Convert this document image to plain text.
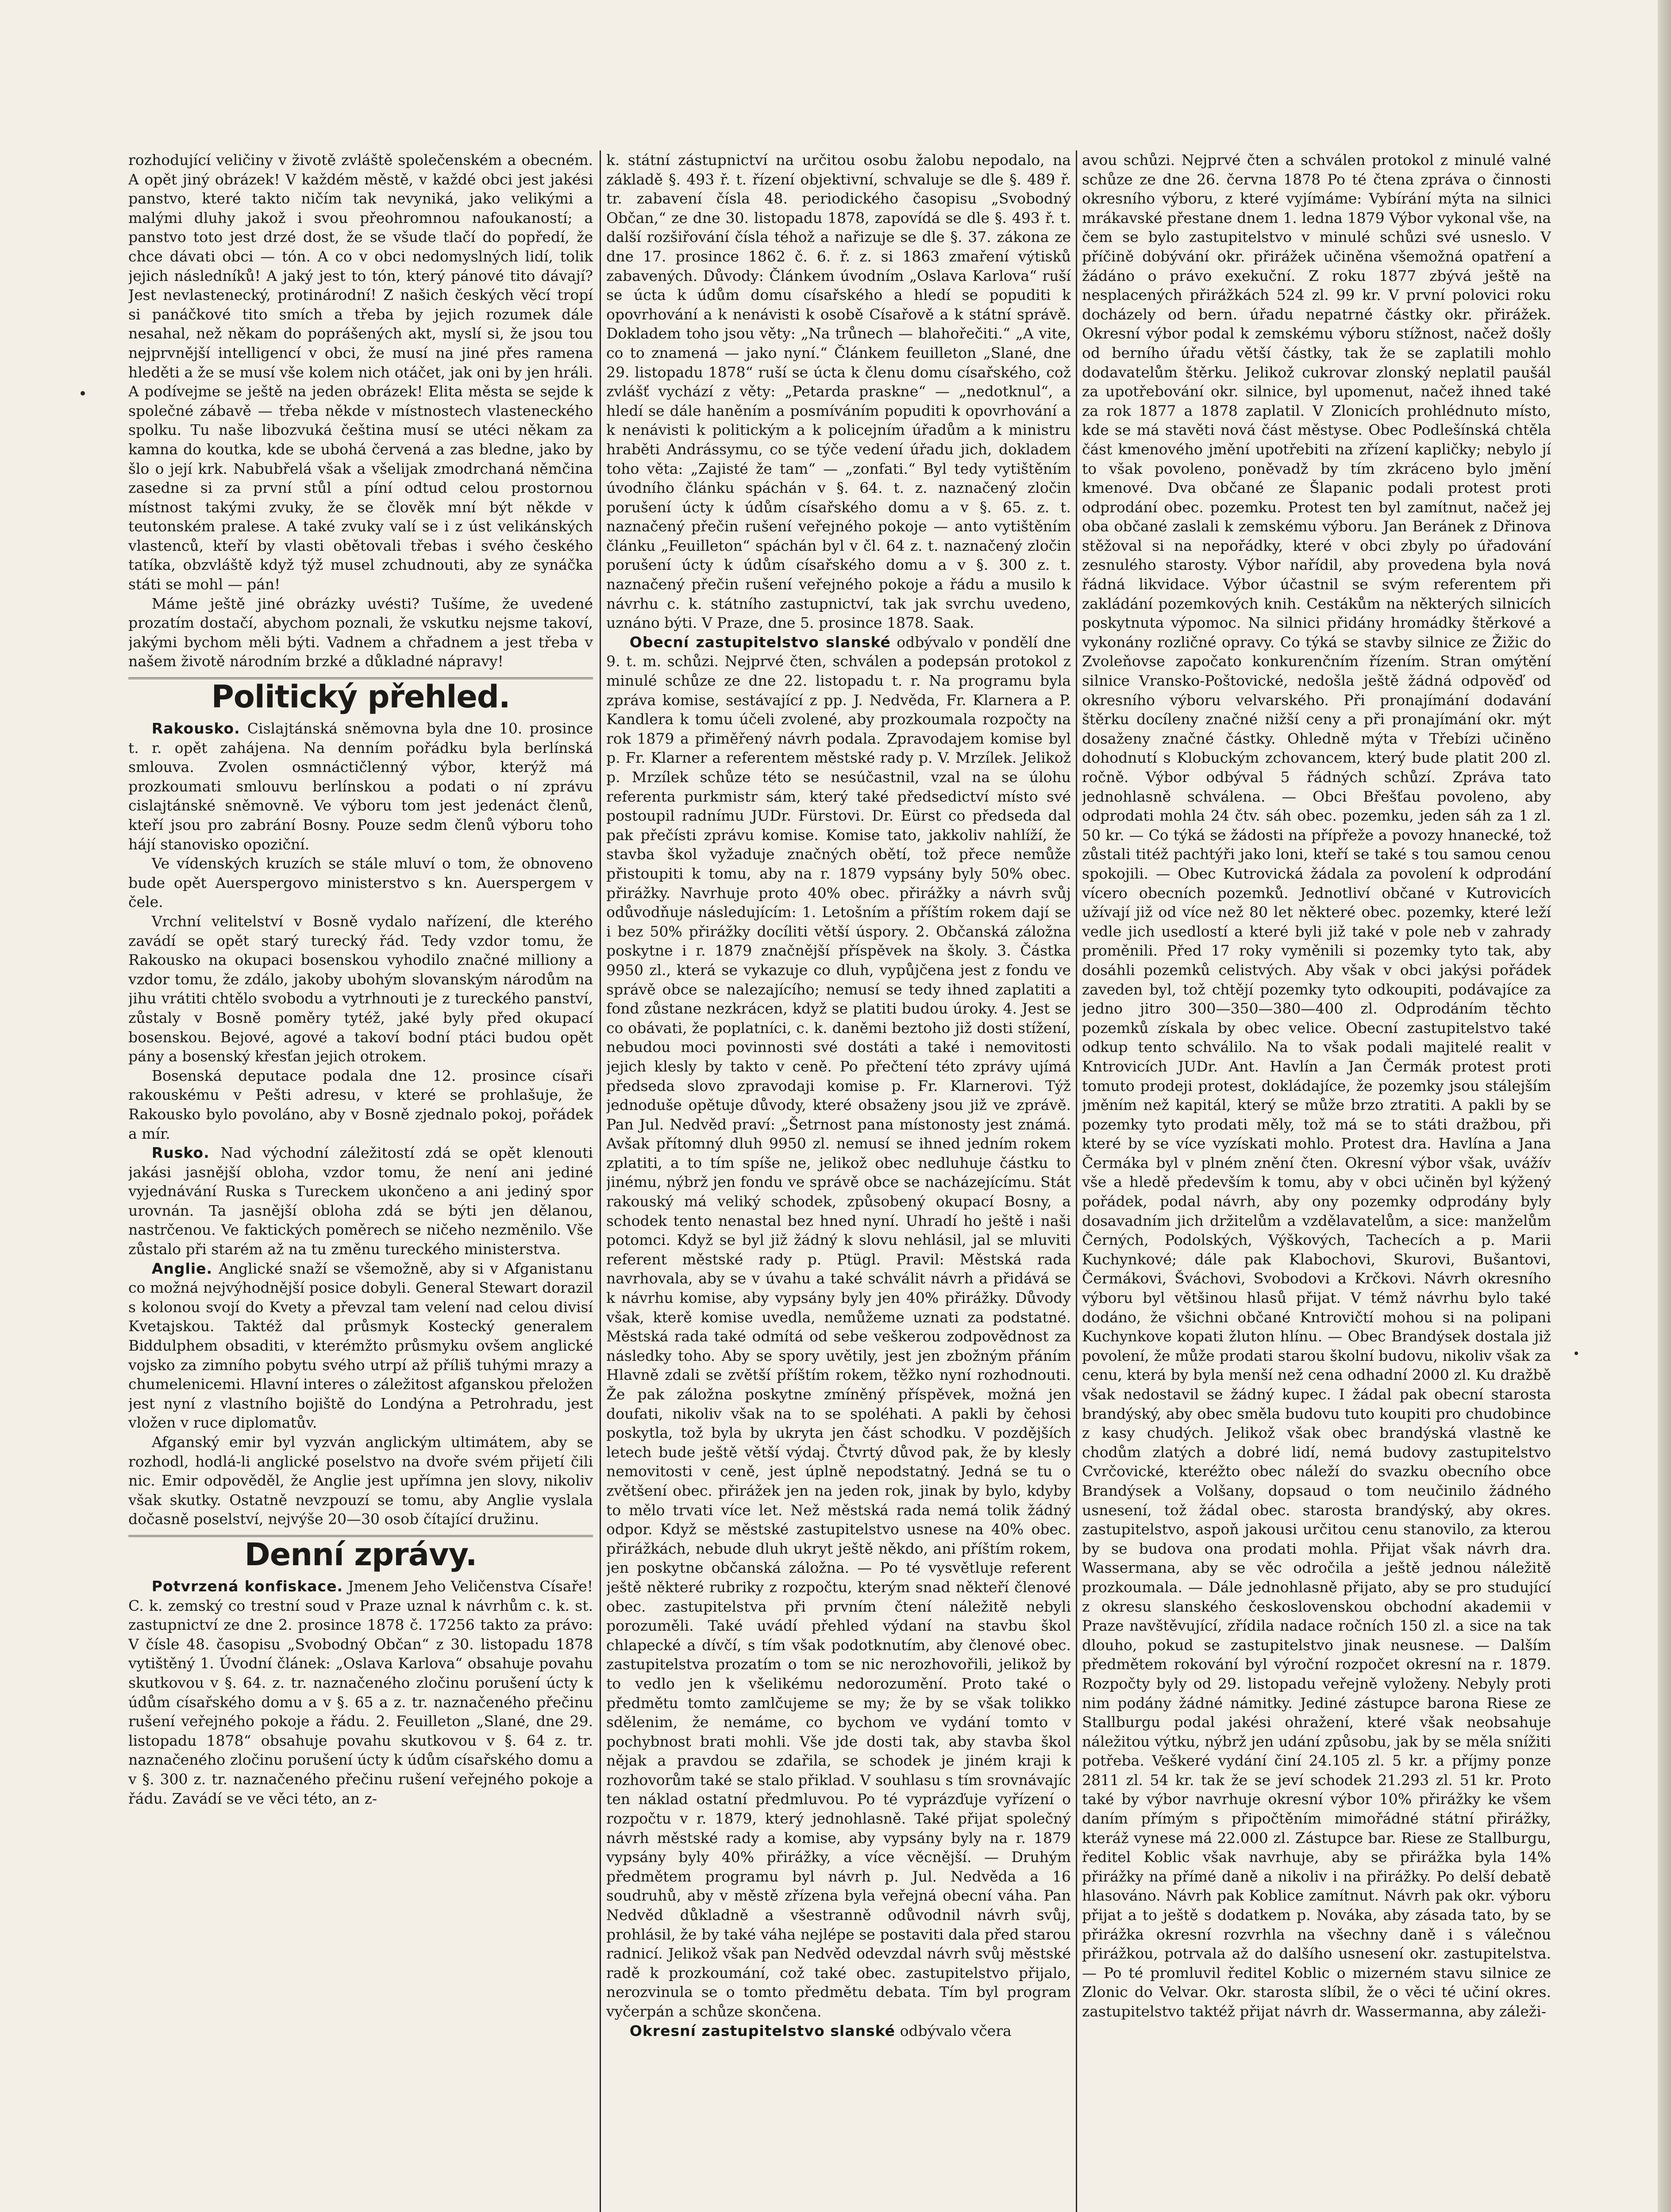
rozhodující veličiny v životě zvláště společenském a obecném. A opět jiný obrázek! V každém městě, v každé obci jest jakési panstvo, které takto ničím tak nevyniká, jako velikými a malými dluhy jakož i svou přeohromnou nafoukaností; a panstvo toto jest drzé dost, že se všude tlačí do popředí, že chce dávati obci — tón. A co v obci nedomyslných lidí, tolik jejich následníků! A jaký jest to tón, který pánové tito dávají? Jest nevlastenecký, protinárodní! Z našich českých věcí tropí si panáčkové tito smích a třeba by jejich rozumek dále nesahal, než někam do poprášených akt, myslí si, že jsou tou nejprvnější intelligencí v obci, že musí na jiné přes ramena hleděti a že se musí vše kolem nich otáčet, jak oni by jen hráli. A podívejme se ještě na jeden obrázek! Elita města se sejde k společné zábavě — třeba někde v místnostech vlasteneckého spolku. Tu naše libozvuká čeština musí se utéci někam za kamna do koutka, kde se ubohá červená a zas bledne, jako by šlo o její krk. Nabubřelá však a všelijak zmodrchaná němčina zasedne si za první stůl a píní odtud celou prostornou místnost takými zvuky, že se člověk mní být někde v teutonském pralese. A také zvuky valí se i z úst velikánských vlastenců, kteří by vlasti obětovali třebas i svého českého tatíka, obzvláště když týž musel zchudnouti, aby ze synáčka státi se mohl — pán!

Máme ještě jiné obrázky uvésti? Tušíme, že uvedené prozatím dostačí, abychom poznali, že vskutku nejsme takoví, jakými bychom měli býti. Vadnem a chřadnem a jest třeba v našem životě národním brzké a důkladné nápravy!

Politický přehled.

Rakousko. Cislajtánská sněmovna byla dne 10. prosince t. r. opět zahájena. Na denním pořádku byla berlínská smlouva. Zvolen osmnáctičlenný výbor, kterýž má prozkoumati smlouvu berlínskou a podati o ní zprávu cislajtánské sněmovně. Ve výboru tom jest jedenáct členů, kteří jsou pro zabrání Bosny. Pouze sedm členů výboru toho hájí stanovisko opoziční.

Ve vídenských kruzích se stále mluví o tom, že obnoveno bude opět Auerspergovo ministerstvo s kn. Auerspergem v čele.

Vrchní velitelství v Bosně vydalo nařízení, dle kterého zavádí se opět starý turecký řád. Tedy vzdor tomu, že Rakousko na okupaci bosenskou vyhodilo značné milliony a vzdor tomu, že zdálo, jakoby ubohým slovanským národům na jihu vrátiti chtělo svobodu a vytrhnouti je z tureckého panství, zůstaly v Bosně poměry tytéž, jaké byly před okupací bosenskou. Bejové, agové a takoví bodní ptáci budou opět pány a bosenský křesťan jejich otrokem.

Bosenská deputace podala dne 12. prosince císaři rakouskému v Pešti adresu, v které se prohlašuje, že Rakousko bylo povoláno, aby v Bosně zjednalo pokoj, pořádek a mír.

Rusko. Nad východní záležitostí zdá se opět klenouti jakási jasnější obloha, vzdor tomu, že není ani jediné vyjednávání Ruska s Tureckem ukončeno a ani jediný spor urovnán. Ta jasnější obloha zdá se býti jen dělanou, nastrčenou. Ve faktických poměrech se ničeho nezměnilo. Vše zůstalo při starém až na tu změnu tureckého ministerstva.

Anglie. Anglické snaží se všemožně, aby si v Afganistanu co možná nejvýhodnější posice dobyli. General Stewart dorazil s kolonou svojí do Kvety a převzal tam velení nad celou divisí Kvetajskou. Taktéž dal průsmyk Kostecký generalem Biddulphem obsaditi, v kterémžto průsmyku ovšem anglické vojsko za zimního pobytu svého utrpí až příliš tuhými mrazy a chumelenicemi. Hlavní interes o záležitost afganskou přeložen jest nyní z vlastního bojiště do Londýna a Petrohradu, jest vložen v ruce diplomatův.

Afganský emir byl vyzván anglickým ultimátem, aby se rozhodl, hodlá-li anglické poselstvo na dvoře svém přijetí čili nic. Emir odpověděl, že Anglie jest upřímna jen slovy, nikoliv však skutky. Ostatně nevzpouzí se tomu, aby Anglie vyslala dočasně poselství, nejvýše 20—30 osob čítající družinu.

Denní zprávy.

Potvrzená konfiskace. Jmenem Jeho Veličenstva Císaře! C. k. zemský co trestní soud v Praze uznal k návrhům c. k. st. zastupnictví ze dne 2. prosince 1878 č. 17256 takto za právo: V čísle 48. časopisu „Svobodný Občan“ z 30. listopadu 1878 vytištěný 1. Úvodní článek: „Oslava Karlova“ obsahuje povahu skutkovou v §. 64. z. tr. naznačeného zločinu porušení úcty k údům císařského domu a v §. 65 a z. tr. naznačeného přečinu rušení veřejného pokoje a řádu. 2. Feuilleton „Slané, dne 29. listopadu 1878“ obsahuje povahu skutkovou v §. 64 z. tr. naznačeného zločinu porušení úcty k údům císařského domu a v §. 300 z. tr. naznačeného přečinu rušení veřejného pokoje a řádu. Zavádí se ve věci této, an z-

k. státní zástupnictví na určitou osobu žalobu nepodalo, na základě §. 493 ř. t. řízení objektivní, schvaluje se dle §. 489 ř. tr. zabavení čísla 48. periodického časopisu „Svobodný Občan,“ ze dne 30. listopadu 1878, zapovídá se dle §. 493 ř. t. další rozšiřování čísla téhož a nařizuje se dle §. 37. zákona ze dne 17. prosince 1862 č. 6. ř. z. si 1863 zmaření výtisků zabavených. Důvody: Článkem úvodním „Oslava Karlova“ ruší se úcta k údům domu císařského a hledí se popuditi k opovrhování a k nenávisti k osobě Císařově a k státní správě. Dokladem toho jsou věty: „Na trůnech — blahořečiti.“ „A vite, co to znamená — jako nyní.“ Článkem feuilleton „Slané, dne 29. listopadu 1878“ ruší se úcta k členu domu císařského, což zvlášť vychází z věty: „Petarda praskne“ — „nedotknul“, a hledí se dále haněním a posmíváním popuditi k opovrhování a k nenávisti k politickým a k policejním úřadům a k ministru hraběti Andrássymu, co se týče vedení úřadu jich, dokladem toho věta: „Zajisté že tam“ — „zonfati.“ Byl tedy vytištěním úvodního článku spáchán v §. 64. t. z. naznačený zločin porušení úcty k údům císařského domu a v §. 65. z. t. naznačený přečin rušení veřejného pokoje — anto vytištěním článku „Feuilleton“ spáchán byl v čl. 64 z. t. naznačený zločin porušení úcty k údům císařského domu a v §. 300 z. t. naznačený přečin rušení veřejného pokoje a řádu a musilo k návrhu c. k. státního zastupnictví, tak jak svrchu uvedeno, uznáno býti. V Praze, dne 5. prosince 1878. Saak.

Obecní zastupitelstvo slanské odbývalo v pondělí dne 9. t. m. schůzi. Nejprvé čten, schválen a podepsán protokol z minulé schůze ze dne 22. listopadu t. r. Na programu byla zpráva komise, sestávající z pp. J. Nedvěda, Fr. Klarnera a P. Kandlera k tomu účeli zvolené, aby prozkoumala rozpočty na rok 1879 a přiměřený návrh podala. Zpravodajem komise byl p. Fr. Klarner a referentem městské rady p. V. Mrzílek. Jelikož p. Mrzílek schůze této se nesúčastnil, vzal na se úlohu referenta purkmistr sám, který také předsedictví místo své postoupil radnímu JUDr. Fürstovi. Dr. Eürst co předseda dal pak přečísti zprávu komise. Komise tato, jakkoliv nahlíží, že stavba škol vyžaduje značných obětí, tož přece nemůže přistoupiti k tomu, aby na r. 1879 vypsány byly 50% obec. přirážky. Navrhuje proto 40% obec. přirážky a návrh svůj odůvodňuje následujícím: 1. Letošním a příštím rokem dají se i bez 50% přirážky docíliti větší úspory. 2. Občanská záložna poskytne i r. 1879 značnější příspěvek na školy. 3. Částka 9950 zl., která se vykazuje co dluh, vypůjčena jest z fondu ve správě obce se nalezajícího; nemusí se tedy ihned zaplatiti a fond zůstane nezkrácen, když se platiti budou úroky. 4. Jest se co obávati, že poplatníci, c. k. daněmi beztoho již dosti stížení, nebudou moci povinnosti své dostáti a také i nemovitosti jejich klesly by takto v ceně. Po přečtení této zprávy ujímá předseda slovo zpravodaji komise p. Fr. Klarnerovi. Týž jednoduše opětuje důvody, které obsaženy jsou již ve zprávě. Pan Jul. Nedvěd praví: „Šetrnost pana místonosty jest známá. Avšak přítomný dluh 9950 zl. nemusí se ihned jedním rokem zplatiti, a to tím spíše ne, jelikož obec nedluhuje částku to jinému, nýbrž jen fondu ve správě obce se nacházejícímu. Stát rakouský má veliký schodek, způsobený okupací Bosny, a schodek tento nenastal bez hned nyní. Uhradí ho ještě i naši potomci. Když se byl již žádný k slovu nehlásil, jal se mluviti referent městské rady p. Ptügl. Pravil: Městská rada navrhovala, aby se v úvahu a také schválit návrh a přidává se k návrhu komise, aby vypsány byly jen 40% přirážky. Důvody však, kterě komise uvedla, nemůžeme uznati za podstatné. Městská rada také odmítá od sebe veškerou zodpovědnost za následky toho. Aby se spory uvětily, jest jen zbožným přáním Hlavně zdali se zvětší příštím rokem, těžko nyní rozhodnouti. Že pak záložna poskytne zmíněný příspěvek, možná jen doufati, nikoliv však na to se spoléhati. A pakli by čehosi poskytla, tož byla by ukryta jen část schodku. V pozdějších letech bude ještě větší výdaj. Čtvrtý důvod pak, že by klesly nemovitosti v ceně, jest úplně nepodstatný. Jedná se tu o zvětšení obec. přirážek jen na jeden rok, jinak by bylo, kdyby to mělo trvati více let. Než městská rada nemá tolik žádný odpor. Když se městské zastupitelstvo usnese na 40% obec. přirážkách, nebude dluh ukryt ještě někdo, ani příštím rokem, jen poskytne občanská záložna. — Po té vysvětluje referent ještě některé rubriky z rozpočtu, kterým snad někteří členové obec. zastupitelstva při prvním čtení náležitě nebyli porozuměli. Také uvádí přehled výdaní na stavbu škol chlapecké a dívčí, s tím však podotknutím, aby členové obec. zastupitelstva prozatím o tom se nic nerozhovořili, jelikož by to vedlo jen k všelikému nedorozumění. Proto také o předmětu tomto zamlčujeme se my; že by se však tolikko sdělenim, že nemáme, co bychom ve vydání tomto v pochybnost brati mohli. Vše jde dosti tak, aby stavba škol nějak a pravdou se zdařila, se schodek je jiném kraji k rozhovorům také se stalo přiklad. V souhlasu s tím srovnávajíc ten náklad ostatní předmluvou. Po té vyprázďuje vyřízení o rozpočtu v r. 1879, který jednohlasně. Také přijat společný návrh městské rady a komise, aby vypsány byly na r. 1879 vypsány byly 40% přirážky, a více věcnější. — Druhým předmětem programu byl návrh p. Jul. Nedvěda a 16 soudruhů, aby v městě zřízena byla veřejná obecní váha. Pan Nedvěd důkladně a všestranně odůvodnil návrh svůj, prohlásil, že by také váha nejlépe se postaviti dala před starou radnicí. Jelikož však pan Nedvěd odevzdal návrh svůj městské radě k prozkoumání, což také obec. zastupitelstvo přijalo, nerozvinula se o tomto předmětu debata. Tím byl program vyčerpán a schůze skončena.

Okresní zastupitelstvo slanské odbývalo včera

avou schůzi. Nejprvé čten a schválen protokol z minulé valné schůze ze dne 26. června 1878 Po té čtena zpráva o činnosti okresního výboru, z které vyjímáme: Vybírání mýta na silnici mrákavské přestane dnem 1. ledna 1879 Výbor vykonal vše, na čem se bylo zastupitelstvo v minulé schůzi své usneslo. V příčině dobývání okr. přirážek učiněna všemožná opatření a žádáno o právo exekuční. Z roku 1877 zbývá ještě na nesplacených přirážkách 524 zl. 99 kr. V první polovici roku docházely od bern. úřadu nepatrné částky okr. přirážek. Okresní výbor podal k zemskému výboru stížnost, načež došly od berního úřadu větší částky, tak že se zaplatili mohlo dodavatelům štěrku. Jelikož cukrovar zlonský neplatil paušál za upotřebování okr. silnice, byl upomenut, načež ihned také za rok 1877 a 1878 zaplatil. V Zlonicích prohlédnuto místo, kde se má stavěti nová část městyse. Obec Podlešínská chtěla část kmenového jmění upotřebiti na zřízení kapličky; nebylo jí to však povoleno, poněvadž by tím zkráceno bylo jmění kmenové. Dva občané ze Šlapanic podali protest proti odprodání obec. pozemku. Protest ten byl zamítnut, načež jej oba občané zaslali k zemskému výboru. Jan Beránek z Dřinova stěžoval si na nepořádky, které v obci zbyly po úřadování zesnulého starosty. Výbor nařídil, aby provedena byla nová řádná likvidace. Výbor účastnil se svým referentem při zakládání pozemkových knih. Cestákům na některých silnicích poskytnuta výpomoc. Na silnici přidány hromádky štěrkové a vykonány rozličné opravy. Co týká se stavby silnice ze Žižic do Zvoleňovse započato konkurenčním řízením. Stran omýtění silnice Vransko-Poštovické, nedošla ještě žádná odpověď od okresního výboru velvarského. Při pronajímání dodavání štěrku docíleny značné nižší ceny a při pronajímání okr. mýt dosaženy značné částky. Ohledně mýta v Třebízi učiněno dohodnutí s Klobuckým zchovancem, který bude platit 200 zl. ročně. Výbor odbýval 5 řádných schůzí. Zpráva tato jednohlasně schválena. — Obci Břešťau povoleno, aby odprodati mohla 24 čtv. sáh obec. pozemku, jeden sáh za 1 zl. 50 kr. — Co týká se žádosti na přípřeže a povozy hnanecké, tož zůstali titéž pachtýři jako loni, kteří se také s tou samou cenou spokojili. — Obec Kutrovická žádala za povolení k odprodání vícero obecních pozemků. Jednotliví občané v Kutrovicích užívají již od více než 80 let některé obec. pozemky, které leží vedle jich usedlostí a které byli již také v pole neb v zahrady proměnili. Před 17 roky vyměnili si pozemky tyto tak, aby dosáhli pozemků celistvých. Aby však v obci jakýsi pořádek zaveden byl, tož chtějí pozemky tyto odkoupiti, podávajíce za jedno jitro 300—350—380—400 zl. Odprodáním těchto pozemků získala by obec velice. Obecní zastupitelstvo také odkup tento schválilo. Na to však podali majitelé realit v Kntrovicích JUDr. Ant. Havlín a Jan Čermák protest proti tomuto prodeji protest, dokládajíce, že pozemky jsou stálejším jměním než kapitál, který se může brzo ztratiti. A pakli by se pozemky tyto prodati měly, tož má se to státi dražbou, při které by se více vyzískati mohlo. Protest dra. Havlína a Jana Čermáka byl v plném znění čten. Okresní výbor však, uvážív vše a hledě především k tomu, aby v obci učiněn byl kýžený pořádek, podal návrh, aby ony pozemky odprodány byly dosavadním jich držitelům a vzdělavatelům, a sice: manželům Černých, Podolských, Výškových, Tachecích a p. Marii Kuchynkové; dále pak Klabochovi, Skurovi, Bušantovi, Čermákovi, Šváchovi, Svobodovi a Krčkovi. Návrh okresního výboru byl většinou hlasů přijat. V témž návrhu bylo také dodáno, že všichni občané Kntrovičtí mohou si na polipani Kuchynkove kopati žluton hlínu. — Obec Brandýsek dostala již povolení, že může prodati starou školní budovu, nikoliv však za cenu, která by byla menší než cena odhadní 2000 zl. Ku dražbě však nedostavil se žádný kupec. I žádal pak obecní starosta brandýský, aby obec směla budovu tuto koupiti pro chudobince z kasy chudých. Jelikož však obec brandýská vlastně ke chodům zlatých a dobré lidí, nemá budovy zastupitelstvo Cvrčovické, kteréžto obec náleží do svazku obecního obce Brandýsek a Volšany, dopsaud o tom neučinilo žádného usnesení, tož žádal obec. starosta brandýský, aby okres. zastupitelstvo, aspoň jakousi určitou cenu stanovilo, za kterou by se budova ona prodati mohla. Přijat však návrh dra. Wassermana, aby se věc odročila a ještě jednou náležitě prozkoumala. — Dále jednohlasně přijato, aby se pro studující z okresu slanského československou obchodní akademii v Praze navštěvující, zřídila nadace ročních 150 zl. a sice na tak dlouho, pokud se zastupitelstvo jinak neusnese. — Dalším předmětem rokování byl výroční rozpočet okresní na r. 1879. Rozpočty byly od 29. listopadu veřejně vyloženy. Nebyly proti nim podány žádné námitky. Jediné zástupce barona Riese ze Stallburgu podal jakési ohražení, které však neobsahuje náležitou výtku, nýbrž jen udání způsobu, jak by se měla snížiti potřeba. Veškeré vydání činí 24.105 zl. 5 kr. a příjmy ponze 2811 zl. 54 kr. tak že se jeví schodek 21.293 zl. 51 kr. Proto také by výbor navrhuje okresní výbor 10% přirážky ke všem daním přímým s připočtěním mimořádné státní přirážky, kteráž vynese má 22.000 zl. Zástupce bar. Riese ze Stallburgu, ředitel Koblic však navrhuje, aby se přirážka byla 14% přirážky na přímé daně a nikoliv i na přirážky. Po delší debatě hlasováno. Návrh pak Koblice zamítnut. Návrh pak okr. výboru přijat a to ještě s dodatkem p. Nováka, aby zásada tato, by se přirážka okresní rozvrhla na všechny daně i s válečnou přirážkou, potrvala až do dalšího usnesení okr. zastupitelstva. — Po té promluvil ředitel Koblic o mizerném stavu silnice ze Zlonic do Velvar. Okr. starosta slíbil, že o věci té učiní okres. zastupitelstvo taktéž přijat návrh dr. Wassermanna, aby záleži-
